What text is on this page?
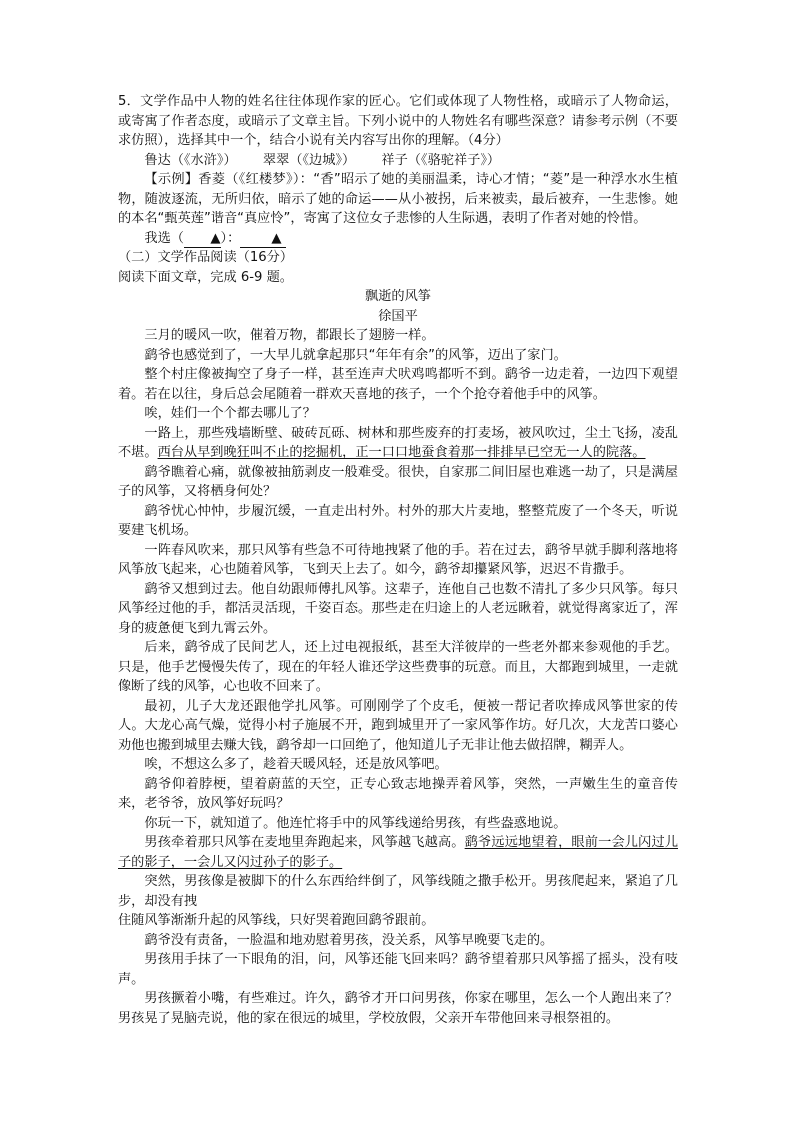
5．文学作品中人物的姓名往往体现作家的匠心。它们或体现了人物性格，或暗示了人物命运，或寄寓了作者态度，或暗示了文章主旨。下列小说中的人物姓名有哪些深意？请参考示例（不要求仿照），选择其中一个，结合小说有关内容写出你的理解。（4分）

鲁达（《水浒》） 翠翠（《边城》） 祥子（《骆驼祥子》）

【示例】香菱（《红楼梦》）：“香”昭示了她的美丽温柔，诗心才情；“菱”是一种浮水水生植物，随波逐流，无所归依，暗示了她的命运——从小被拐，后来被卖，最后被弃，一生悲惨。她的本名“甄英莲”谐音“真应怜”，寄寓了这位女子悲惨的人生际遇，表明了作者对她的怜惜。

我选（ ▲）： ▲

（二）文学作品阅读（16分）

阅读下面文章，完成 6-9 题。

飘逝的风筝

徐国平

三月的暖风一吹，催着万物，都跟长了翅膀一样。

鹞爷也感觉到了，一大早儿就拿起那只“年年有余”的风筝，迈出了家门。

整个村庄像被掏空了身子一样，甚至连声犬吠鸡鸣都听不到。鹞爷一边走着，一边四下观望着。若在以往，身后总会尾随着一群欢天喜地的孩子，一个个抢夺着他手中的风筝。

唉，娃们一个个都去哪儿了？

一路上，那些残墙断壁、破砖瓦砾、树林和那些废弃的打麦场，被风吹过，尘土飞扬，凌乱不堪。西台从早到晚狂叫不止的挖掘机，正一口口地蚕食着那一排排早已空无一人的院落。

鹞爷瞧着心痛，就像被抽筋剥皮一般难受。很快，自家那二间旧屋也难逃一劫了，只是满屋子的风筝，又将栖身何处？

鹞爷忧心忡忡，步履沉缓，一直走出村外。村外的那大片麦地，整整荒废了一个冬天，听说要建飞机场。

一阵春风吹来，那只风筝有些急不可待地拽紧了他的手。若在过去，鹞爷早就手脚利落地将风筝放飞起来，心也随着风筝，飞到天上去了。如今，鹞爷却攥紧风筝，迟迟不肯撒手。

鹞爷又想到过去。他自幼跟师傅扎风筝。这辈子，连他自己也数不清扎了多少只风筝。每只风筝经过他的手，都活灵活现，千姿百态。那些走在归途上的人老远瞅着，就觉得离家近了，浑身的疲惫便飞到九霄云外。

后来，鹞爷成了民间艺人，还上过电视报纸，甚至大洋彼岸的一些老外都来参观他的手艺。只是，他手艺慢慢失传了，现在的年轻人谁还学这些费事的玩意。而且，大都跑到城里，一走就像断了线的风筝，心也收不回来了。

最初，儿子大龙还跟他学扎风筝。可刚刚学了个皮毛，便被一帮记者吹捧成风筝世家的传人。大龙心高气燥，觉得小村子施展不开，跑到城里开了一家风筝作坊。好几次，大龙苦口婆心劝他也搬到城里去赚大钱，鹞爷却一口回绝了，他知道儿子无非让他去做招牌，糊弄人。

唉，不想这么多了，趁着天暖风轻，还是放风筝吧。

鹞爷仰着脖梗，望着蔚蓝的天空，正专心致志地操弄着风筝，突然，一声嫩生生的童音传来，老爷爷，放风筝好玩吗？

你玩一下，就知道了。他连忙将手中的风筝线递给男孩，有些盎惑地说。

男孩牵着那只风筝在麦地里奔跑起来，风筝越飞越高。鹞爷远远地望着，眼前一会儿闪过儿子的影子，一会儿又闪过孙子的影子。

突然，男孩像是被脚下的什么东西给绊倒了，风筝线随之撒手松开。男孩爬起来，紧追了几步，却没有拽

住随风筝渐渐升起的风筝线，只好哭着跑回鹞爷跟前。

鹞爷没有责备，一脸温和地劝慰着男孩，没关系，风筝早晚要飞走的。

男孩用手抹了一下眼角的泪，问，风筝还能飞回来吗？鹞爷望着那只风筝摇了摇头，没有吱声。

男孩撅着小嘴，有些难过。许久，鹞爷才开口问男孩，你家在哪里，怎么一个人跑出来了？男孩晃了晃脑壳说，他的家在很远的城里，学校放假，父亲开车带他回来寻根祭祖的。
